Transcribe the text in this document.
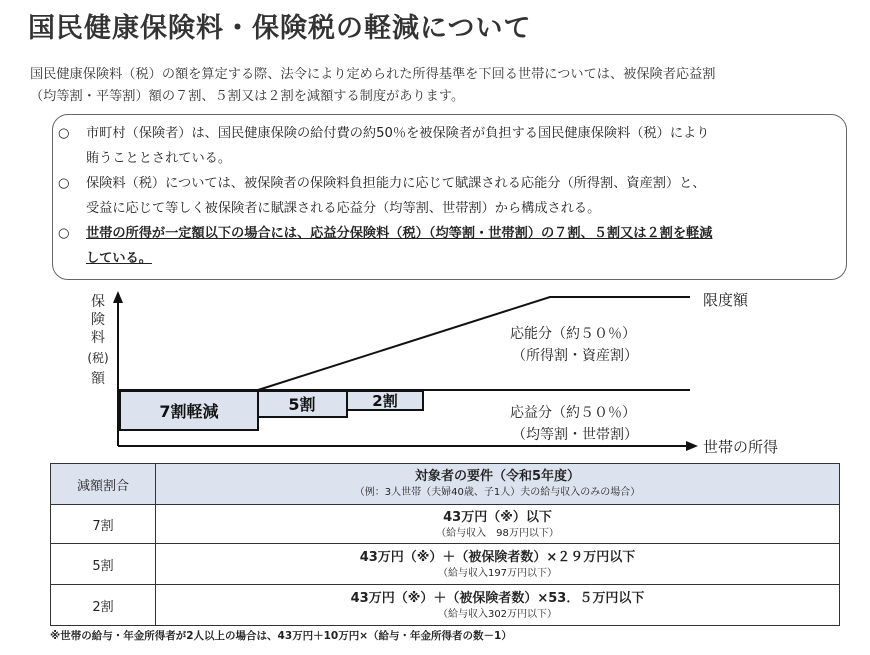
国民健康保険料・保険税の軽減について
国民健康保険料（税）の額を算定する際、法令により定められた所得基準を下回る世帯については、被保険者応益割
（均等割・平等割）額の７割、５割又は２割を減額する制度があります。
○ 市町村（保険者）は、国民健康保険の給付費の約50％を被保険者が負担する国民健康保険料（税）により
賄うこととされている。
○ 保険料（税）については、被保険者の保険料負担能力に応じて賦課される応能分（所得割、資産割）と、
受益に応じて等しく被保険者に賦課される応益分（均等割、世帯割）から構成される。
○ 世帯の所得が一定額以下の場合には、応益分保険料（税）（均等割・世帯割）の７割、５割又は２割を軽減
している。
保
険
料
(税)
額
限度額
応能分（約５０％）
（所得割・資産割）
応益分（約５０％）
（均等割・世帯割）
7割軽減	5割	2割
世帯の所得
減額割合	対象者の要件（令和5年度）
（例：3人世帯（夫婦40歳、子1人）夫の給与収入のみの場合）

7割	43万円（※）以下
（給与収入　98万円以下）

5割	43万円（※）＋（被保険者数）×２９万円以下
（給与収入197万円以下）

2割	43万円（※）＋（被保険者数）×53．５万円以下
（給与収入302万円以下）
※世帯の給与・年金所得者が2人以上の場合は、43万円＋10万円×（給与・年金所得者の数－1）
